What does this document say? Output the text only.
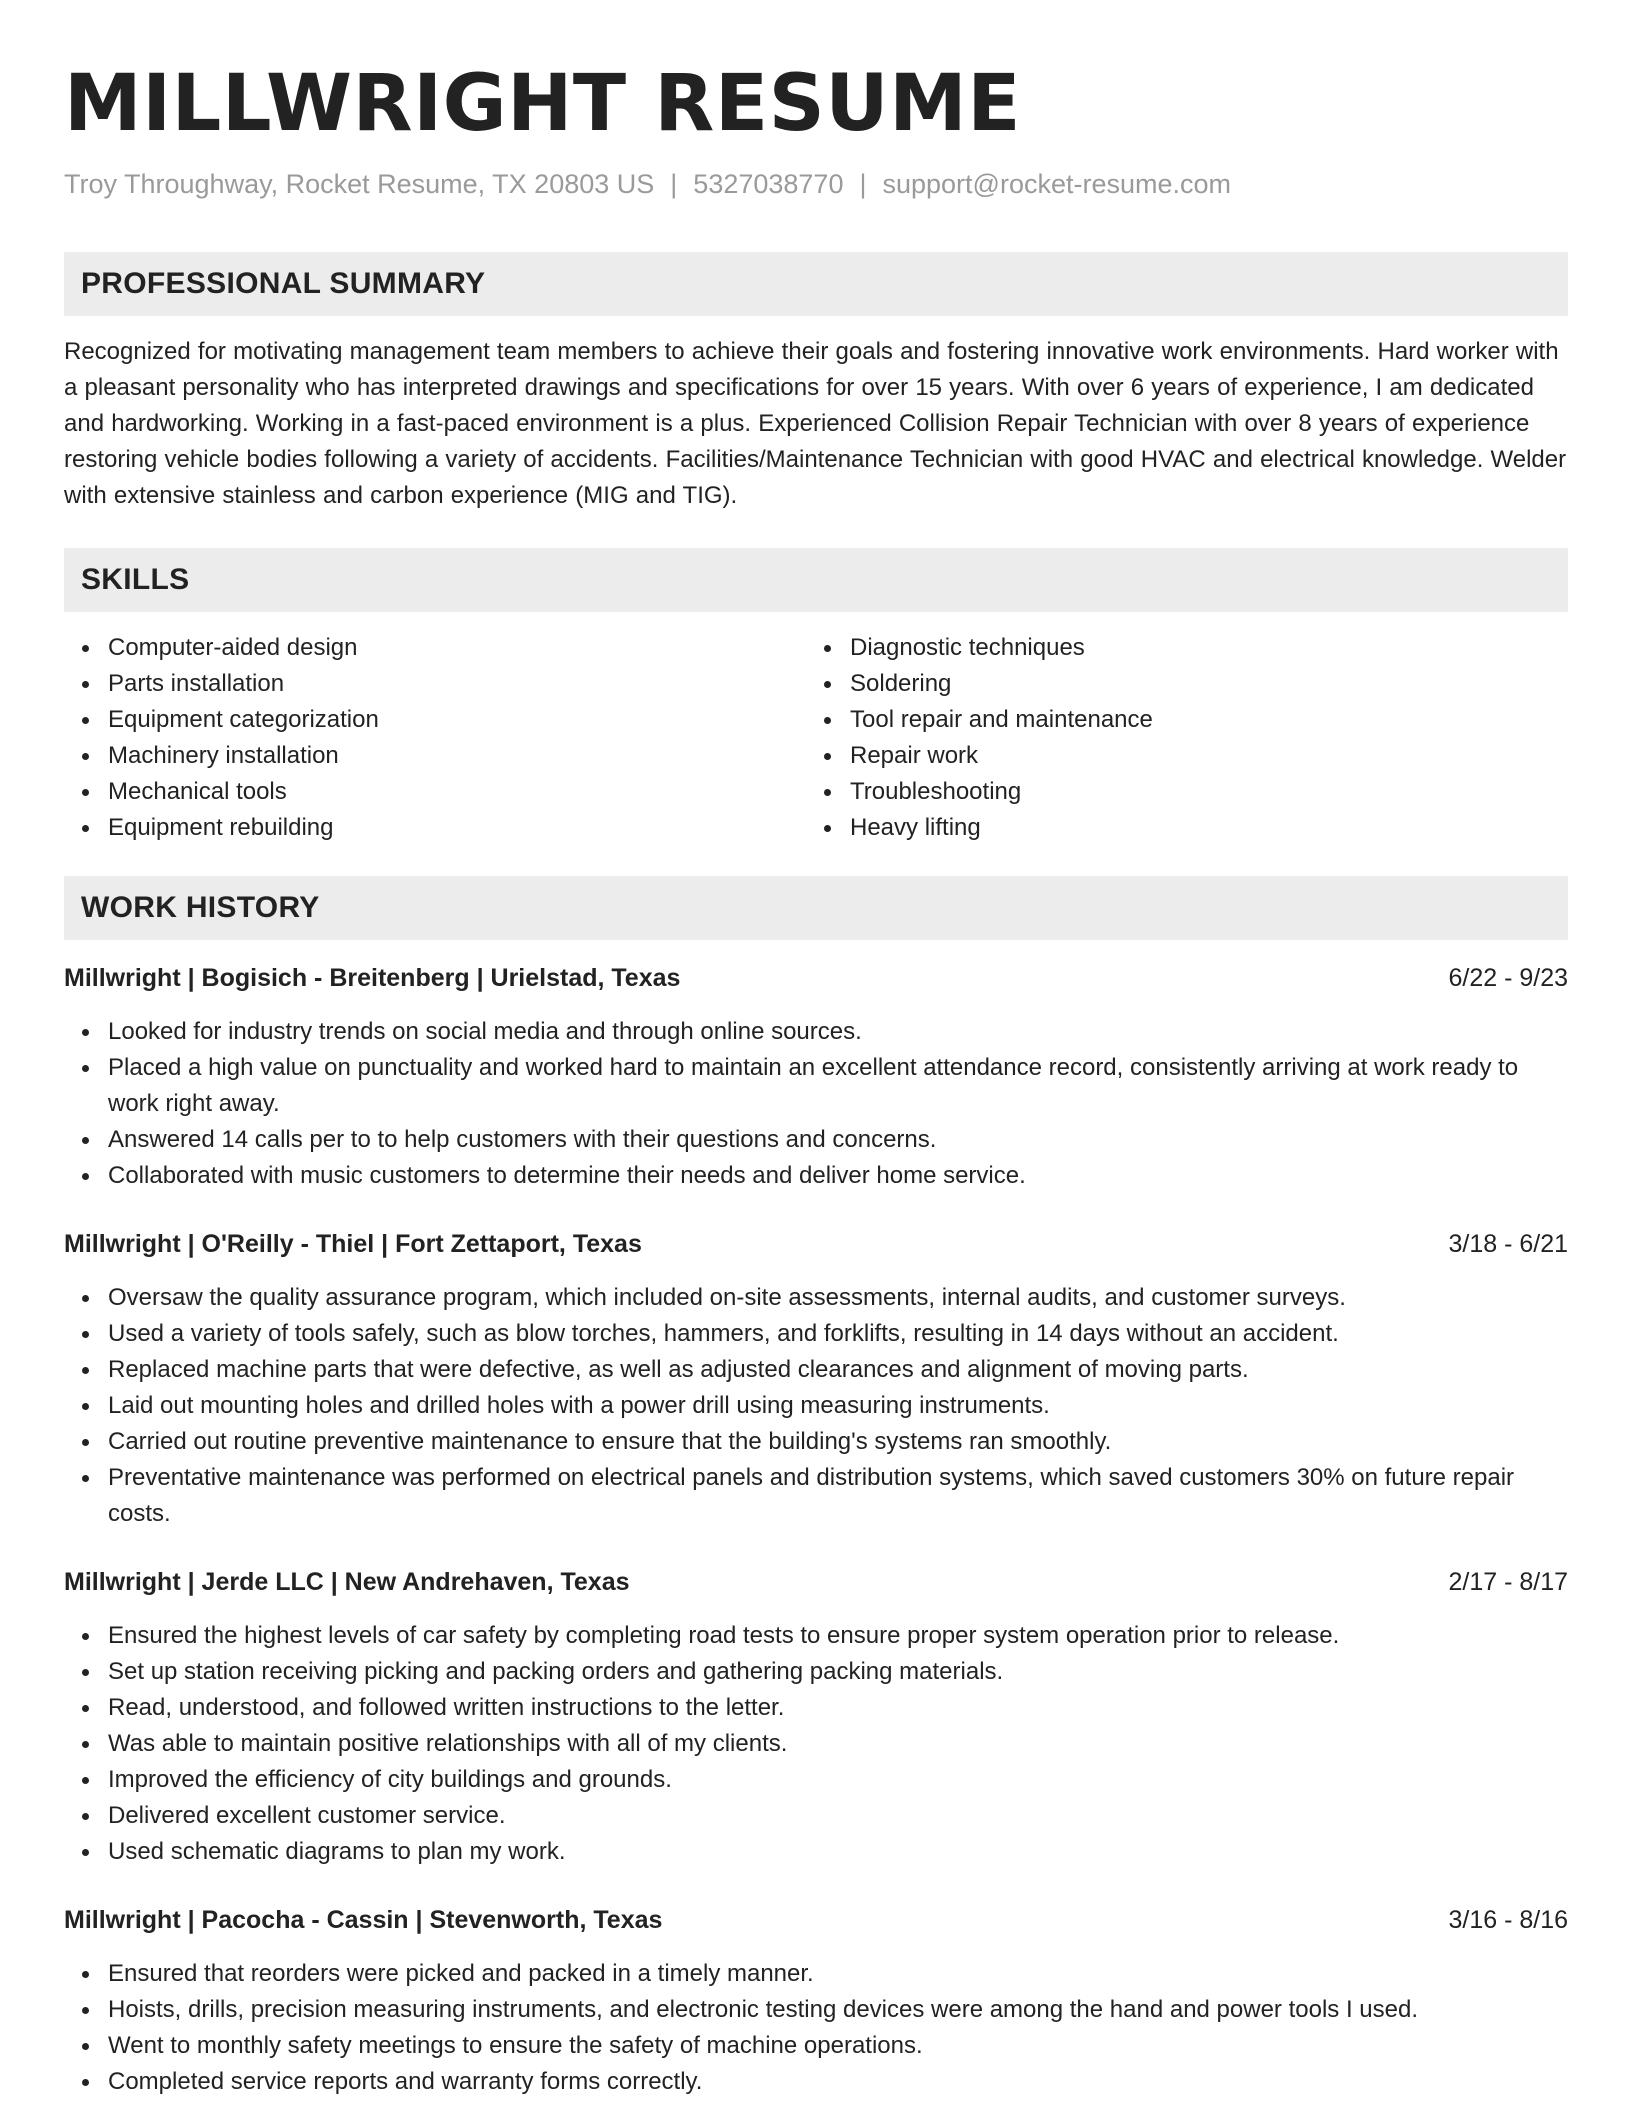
MILLWRIGHT RESUME
Troy Throughway, Rocket Resume, TX 20803 US | 5327038770 | support@rocket-resume.com
PROFESSIONAL SUMMARY
Recognized for motivating management team members to achieve their goals and fostering innovative work environments. Hard worker with a pleasant personality who has interpreted drawings and specifications for over 15 years. With over 6 years of experience, I am dedicated and hardworking. Working in a fast-paced environment is a plus. Experienced Collision Repair Technician with over 8 years of experience restoring vehicle bodies following a variety of accidents. Facilities/Maintenance Technician with good HVAC and electrical knowledge. Welder with extensive stainless and carbon experience (MIG and TIG).
SKILLS
Computer-aided design
Parts installation
Equipment categorization
Machinery installation
Mechanical tools
Equipment rebuilding
Diagnostic techniques
Soldering
Tool repair and maintenance
Repair work
Troubleshooting
Heavy lifting
WORK HISTORY
Millwright | Bogisich - Breitenberg | Urielstad, Texas	6/22 - 9/23
Looked for industry trends on social media and through online sources.
Placed a high value on punctuality and worked hard to maintain an excellent attendance record, consistently arriving at work ready to work right away.
Answered 14 calls per to to help customers with their questions and concerns.
Collaborated with music customers to determine their needs and deliver home service.
Millwright | O'Reilly - Thiel | Fort Zettaport, Texas	3/18 - 6/21
Oversaw the quality assurance program, which included on-site assessments, internal audits, and customer surveys.
Used a variety of tools safely, such as blow torches, hammers, and forklifts, resulting in 14 days without an accident.
Replaced machine parts that were defective, as well as adjusted clearances and alignment of moving parts.
Laid out mounting holes and drilled holes with a power drill using measuring instruments.
Carried out routine preventive maintenance to ensure that the building's systems ran smoothly.
Preventative maintenance was performed on electrical panels and distribution systems, which saved customers 30% on future repair costs.
Millwright | Jerde LLC | New Andrehaven, Texas	2/17 - 8/17
Ensured the highest levels of car safety by completing road tests to ensure proper system operation prior to release.
Set up station receiving picking and packing orders and gathering packing materials.
Read, understood, and followed written instructions to the letter.
Was able to maintain positive relationships with all of my clients.
Improved the efficiency of city buildings and grounds.
Delivered excellent customer service.
Used schematic diagrams to plan my work.
Millwright | Pacocha - Cassin | Stevenworth, Texas	3/16 - 8/16
Ensured that reorders were picked and packed in a timely manner.
Hoists, drills, precision measuring instruments, and electronic testing devices were among the hand and power tools I used.
Went to monthly safety meetings to ensure the safety of machine operations.
Completed service reports and warranty forms correctly.
